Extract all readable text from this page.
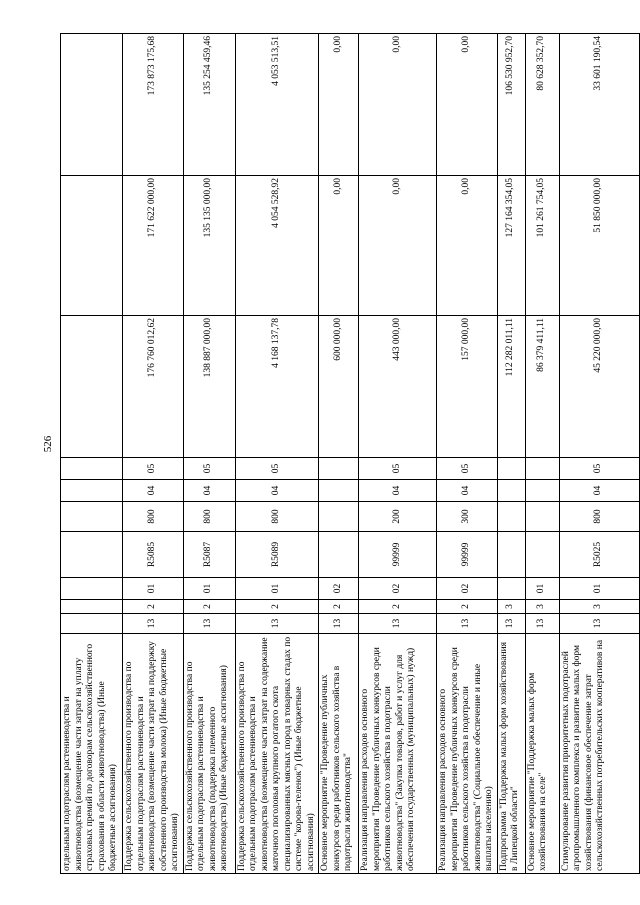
526
отдельным подотраслям растениеводства и животноводства (возмещение части затрат на уплату страховых премий по договорам сельскохозяйственного страхования в области животноводства) (Иные бюджетные ассигнования)										
Поддержка сельскохозяйственного производства по отдельным подотраслям растениеводства и животноводства (возмещение части затрат на поддержку собственного производства молока) (Иные бюджетные ассигнования)	13	2	01	R5085	800	04	05	176 760 012,62	171 622 000,00	173 873 175,68
Поддержка сельскохозяйственного производства по отдельным подотраслям растениеводства и животноводства (поддержка племенного животноводства) (Иные бюджетные ассигнования)	13	2	01	R5087	800	04	05	138 887 000,00	135 135 000,00	135 254 459,46
Поддержка сельскохозяйственного производства по отдельным подотраслям растениеводства и животноводства (возмещение части затрат на содержание маточного поголовья крупного рогатого скота специализированных мясных пород в товарных стадах по системе "корова-теленок") (Иные бюджетные ассигнования)	13	2	01	R5089	800	04	05	4 168 137,78	4 054 528,92	4 053 513,51
Основное мероприятие "Проведение публичных конкурсов среди работников сельского хозяйства в подотрасли животноводства"	13	2	02					600 000,00	0,00	0,00
Реализация направления расходов основного мероприятия "Проведение публичных конкурсов среди работников сельского хозяйства в подотрасли животноводства" (Закупка товаров, работ и услуг для обеспечения государственных (муниципальных) нужд)	13	2	02	99999	200	04	05	443 000,00	0,00	0,00
Реализация направления расходов основного мероприятия "Проведение публичных конкурсов среди работников сельского хозяйства в подотрасли животноводства" (Социальное обеспечение и иные выплаты населению)	13	2	02	99999	300	04	05	157 000,00	0,00	0,00
Подпрограмма "Поддержка малых форм хозяйствования в Липецкой области"	13	3						112 282 011,11	127 164 354,05	106 530 952,70
Основное мероприятие "Поддержка малых форм хозяйствования на селе"	13	3	01					86 379 411,11	101 261 754,05	80 628 352,70
Стимулирование развития приоритетных подотраслей агропромышленного комплекса и развитие малых форм хозяйствования (финансовое обеспечение затрат сельскохозяйственных потребительских кооперативов на	13	3	01	R5025	800	04	05	45 220 000,00	51 850 000,00	33 601 190,54
